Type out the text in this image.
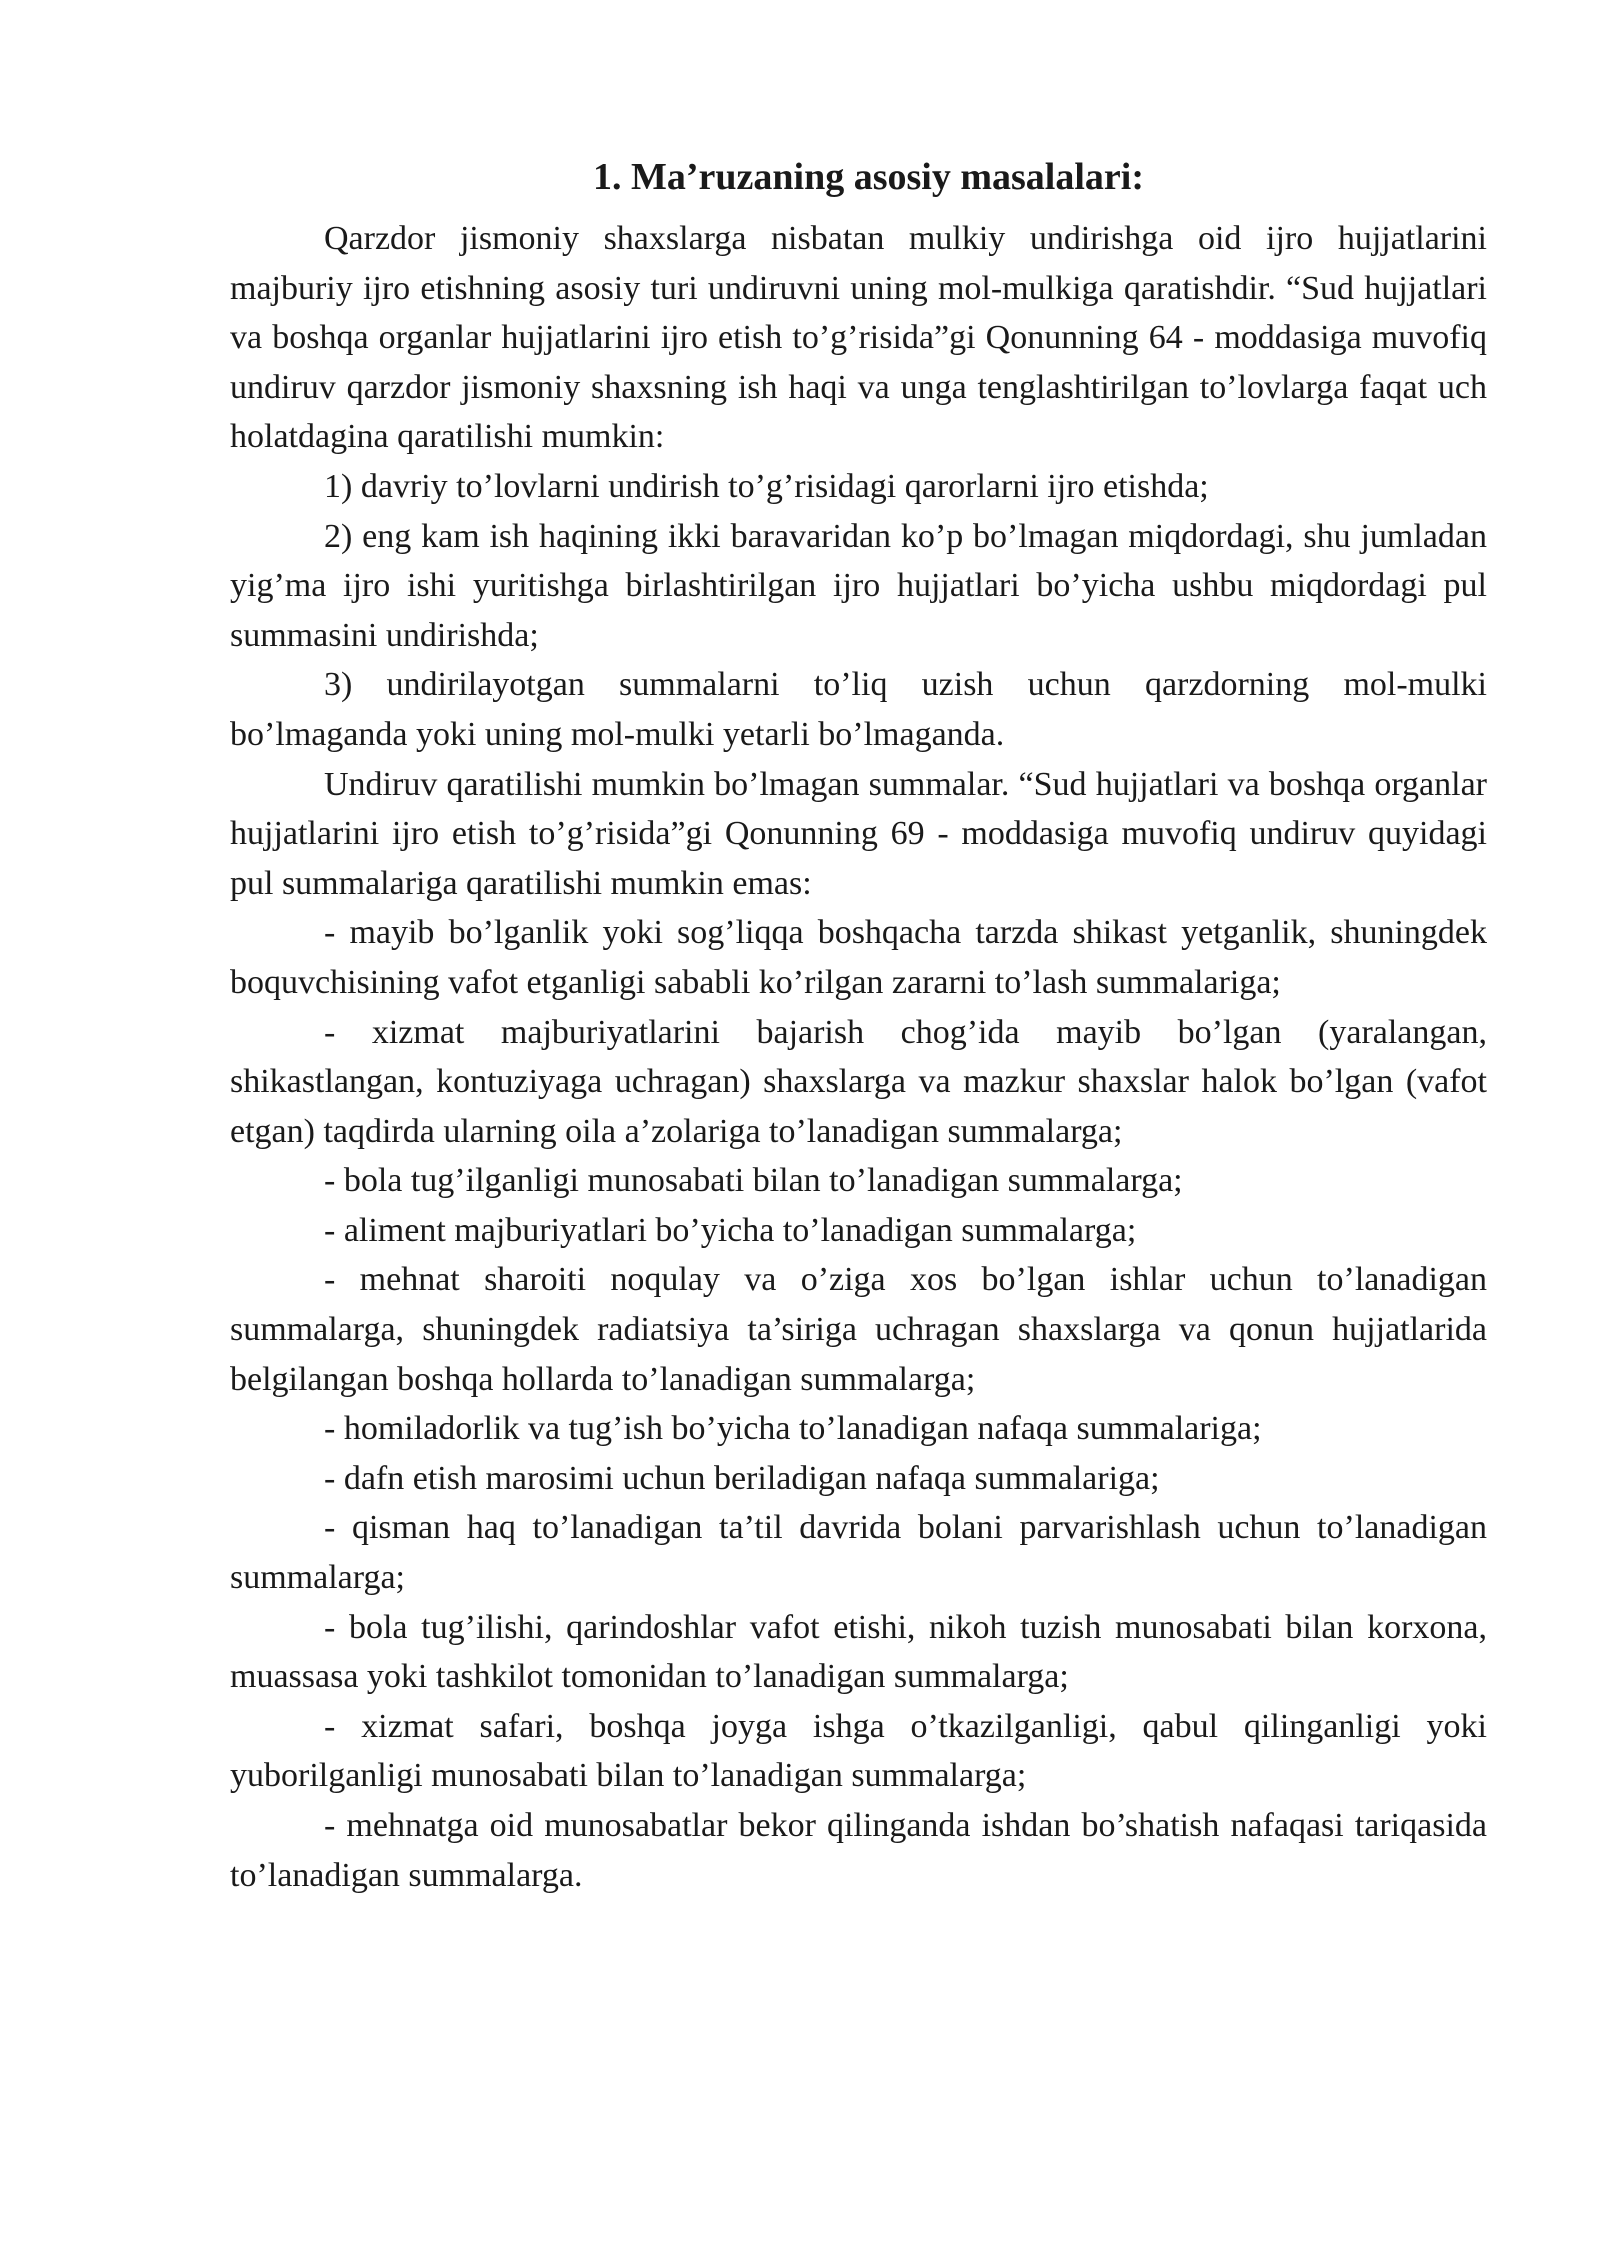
1. Ma’ruzaning asosiy masalalari:

Qarzdor jismoniy shaxslarga nisbatan mulkiy undirishga oid ijro hujjatlarini majburiy ijro etishning asosiy turi undiruvni uning mol-mulkiga qaratishdir. “Sud hujjatlari va boshqa organlar hujjatlarini ijro etish to’g’risida”gi Qonunning 64 - moddasiga muvofiq undiruv qarzdor jismoniy shaxsning ish haqi va unga tenglashtirilgan to’lovlarga faqat uch holatdagina qaratilishi mumkin:

1) davriy to’lovlarni undirish to’g’risidagi qarorlarni ijro etishda;

2) eng kam ish haqining ikki baravaridan ko’p bo’lmagan miqdordagi, shu jumladan yig’ma ijro ishi yuritishga birlashtirilgan ijro hujjatlari bo’yicha ushbu miqdordagi pul summasini undirishda;

3) undirilayotgan summalarni to’liq uzish uchun qarzdorning mol-mulki bo’lmaganda yoki uning mol-mulki yetarli bo’lmaganda.

Undiruv qaratilishi mumkin bo’lmagan summalar. “Sud hujjatlari va boshqa organlar hujjatlarini ijro etish to’g’risida”gi Qonunning 69 - moddasiga muvofiq undiruv quyidagi pul summalariga qaratilishi mumkin emas:

- mayib bo’lganlik yoki sog’liqqa boshqacha tarzda shikast yetganlik, shuningdek boquvchisining vafot etganligi sababli ko’rilgan zararni to’lash summalariga;

- xizmat majburiyatlarini bajarish chog’ida mayib bo’lgan (yaralangan, shikastlangan, kontuziyaga uchragan) shaxslarga va mazkur shaxslar halok bo’lgan (vafot etgan) taqdirda ularning oila a’zolariga to’lanadigan summalarga;

- bola tug’ilganligi munosabati bilan to’lanadigan summalarga;

- aliment majburiyatlari bo’yicha to’lanadigan summalarga;

- mehnat sharoiti noqulay va o’ziga xos bo’lgan ishlar uchun to’lanadigan summalarga, shuningdek radiatsiya ta’siriga uchragan shaxslarga va qonun hujjatlarida belgilangan boshqa hollarda to’lanadigan summalarga;

- homiladorlik va tug’ish bo’yicha to’lanadigan nafaqa summalariga;

- dafn etish marosimi uchun beriladigan nafaqa summalariga;

- qisman haq to’lanadigan ta’til davrida bolani parvarishlash uchun to’lanadigan summalarga;

- bola tug’ilishi, qarindoshlar vafot etishi, nikoh tuzish munosabati bilan korxona, muassasa yoki tashkilot tomonidan to’lanadigan summalarga;

- xizmat safari, boshqa joyga ishga o’tkazilganligi, qabul qilinganligi yoki yuborilganligi munosabati bilan to’lanadigan summalarga;

- mehnatga oid munosabatlar bekor qilinganda ishdan bo’shatish nafaqasi tariqasida to’lanadigan summalarga.
